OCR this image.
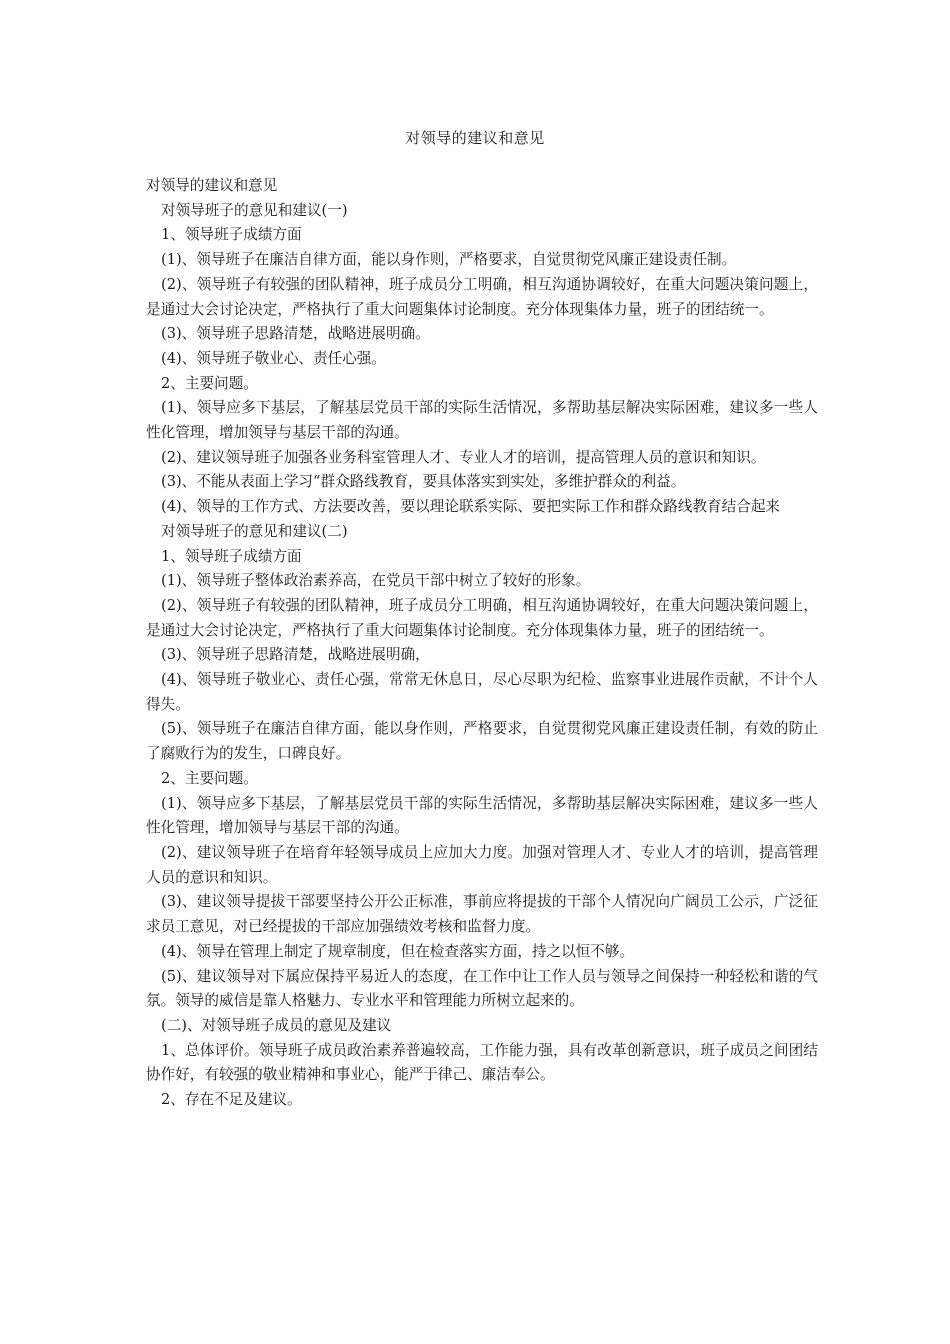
对领导的建议和意见

对领导的建议和意见

对领导班子的意见和建议(一)

1、领导班子成绩方面

(1)、领导班子在廉洁自律方面，能以身作则，严格要求，自觉贯彻党风廉正建设责任制。

(2)、领导班子有较强的团队精神，班子成员分工明确，相互沟通协调较好，在重大问题决策问题上，是通过大会讨论决定，严格执行了重大问题集体讨论制度。充分体现集体力量，班子的团结统一。

(3)、领导班子思路清楚，战略进展明确。

(4)、领导班子敬业心、责任心强。

2、主要问题。

(1)、领导应多下基层，了解基层党员干部的实际生活情况，多帮助基层解决实际困难，建议多一些人性化管理，增加领导与基层干部的沟通。

(2)、建议领导班子加强各业务科室管理人才、专业人才的培训，提高管理人员的意识和知识。

(3)、不能从表面上学习“群众路线教育，要具体落实到实处，多维护群众的利益。

(4)、领导的工作方式、方法要改善，要以理论联系实际、要把实际工作和群众路线教育结合起来

对领导班子的意见和建议(二)

1、领导班子成绩方面

(1)、领导班子整体政治素养高，在党员干部中树立了较好的形象。

(2)、领导班子有较强的团队精神，班子成员分工明确，相互沟通协调较好，在重大问题决策问题上，是通过大会讨论决定，严格执行了重大问题集体讨论制度。充分体现集体力量，班子的团结统一。

(3)、领导班子思路清楚，战略进展明确，

(4)、领导班子敬业心、责任心强，常常无休息日，尽心尽职为纪检、监察事业进展作贡献，不计个人得失。

(5)、领导班子在廉洁自律方面，能以身作则，严格要求，自觉贯彻党风廉正建设责任制，有效的防止了腐败行为的发生，口碑良好。

2、主要问题。

(1)、领导应多下基层，了解基层党员干部的实际生活情况，多帮助基层解决实际困难，建议多一些人性化管理，增加领导与基层干部的沟通。

(2)、建议领导班子在培育年轻领导成员上应加大力度。加强对管理人才、专业人才的培训，提高管理人员的意识和知识。

(3)、建议领导提拔干部要坚持公开公正标准，事前应将提拔的干部个人情况向广阔员工公示，广泛征求员工意见，对已经提拔的干部应加强绩效考核和监督力度。

(4)、领导在管理上制定了规章制度，但在检查落实方面，持之以恒不够。

(5)、建议领导对下属应保持平易近人的态度，在工作中让工作人员与领导之间保持一种轻松和谐的气氛。领导的威信是靠人格魅力、专业水平和管理能力所树立起来的。

(二)、对领导班子成员的意见及建议

1、总体评价。领导班子成员政治素养普遍较高，工作能力强，具有改革创新意识，班子成员之间团结协作好，有较强的敬业精神和事业心，能严于律己、廉洁奉公。

2、存在不足及建议。
